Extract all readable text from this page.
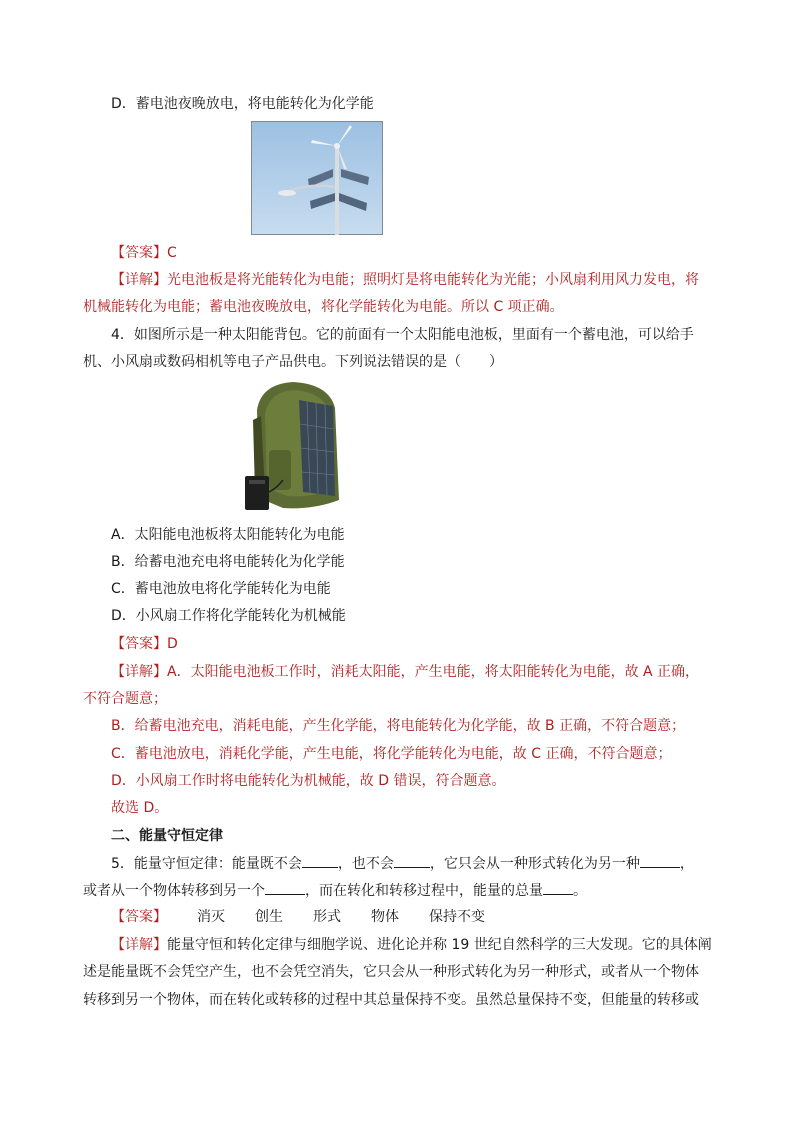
D．蓄电池夜晚放电，将电能转化为化学能
【答案】C
【详解】光电池板是将光能转化为电能；照明灯是将电能转化为光能；小风扇利用风力发电，将
机械能转化为电能；蓄电池夜晚放电，将化学能转化为电能。所以 C 项正确。
4．如图所示是一种太阳能背包。它的前面有一个太阳能电池板，里面有一个蓄电池，可以给手
机、小风扇或数码相机等电子产品供电。下列说法错误的是（　　）
A．太阳能电池板将太阳能转化为电能
B．给蓄电池充电将电能转化为化学能
C．蓄电池放电将化学能转化为电能
D．小风扇工作将化学能转化为机械能
【答案】D
【详解】A．太阳能电池板工作时，消耗太阳能，产生电能，将太阳能转化为电能，故 A 正确，
不符合题意；
B．给蓄电池充电，消耗电能，产生化学能，将电能转化为化学能，故 B 正确，不符合题意；
C．蓄电池放电，消耗化学能，产生电能，将化学能转化为电能，故 C 正确，不符合题意；
D．小风扇工作时将电能转化为机械能，故 D 错误，符合题意。
故选 D。
二、能量守恒定律
5．能量守恒定律：能量既不会	，也不会	，它只会从一种形式转化为另一种	，
或者从一个物体转移到另一个	，而在转化和转移过程中，能量的总量 。
【答案】 消灭 创生 形式 物体 保持不变
【详解】能量守恒和转化定律与细胞学说、进化论并称 19 世纪自然科学的三大发现。它的具体阐
述是能量既不会凭空产生，也不会凭空消失，它只会从一种形式转化为另一种形式，或者从一个物体
转移到另一个物体，而在转化或转移的过程中其总量保持不变。虽然总量保持不变，但能量的转移或
